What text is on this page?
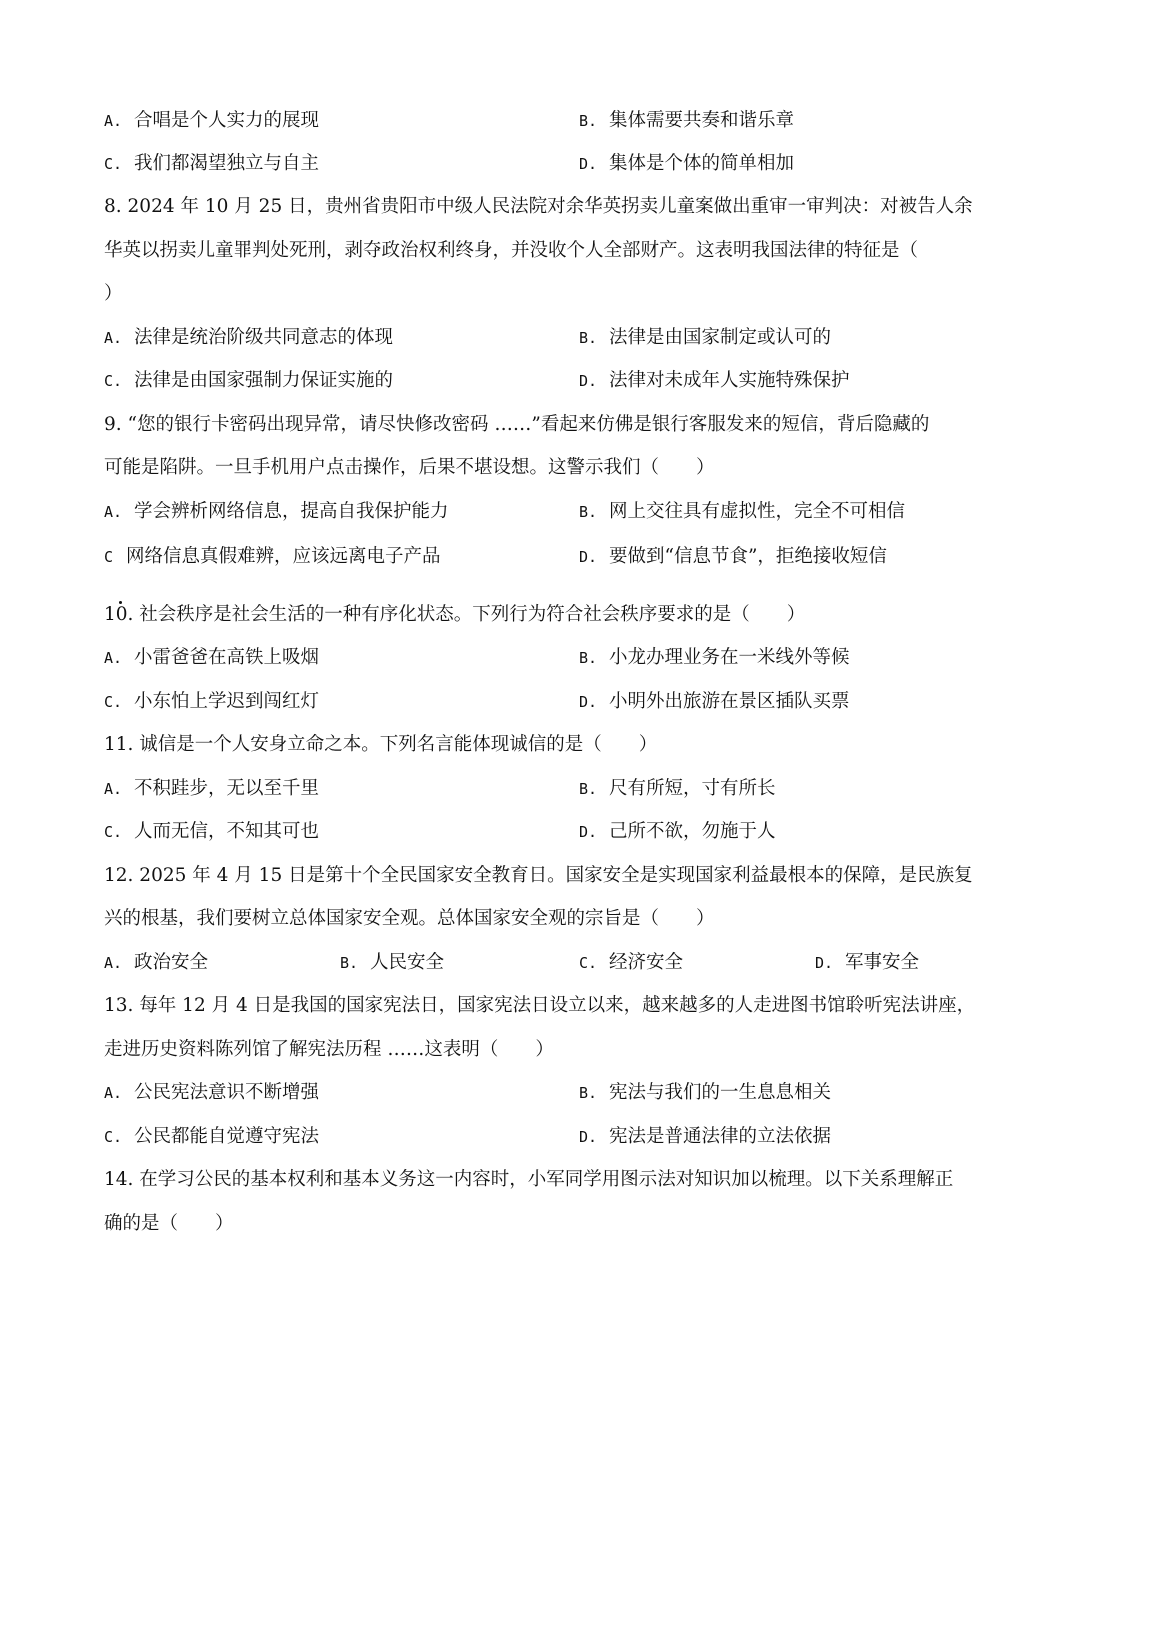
A. 合唱是个人实力的展现	B. 集体需要共奏和谐乐章
C. 我们都渴望独立与自主	D. 集体是个体的简单相加
8. 2024 年 10 月 25 日，贵州省贵阳市中级人民法院对余华英拐卖儿童案做出重审一审判决：对被告人余
华英以拐卖儿童罪判处死刑，剥夺政治权利终身，并没收个人全部财产。这表明我国法律的特征是（
）
A. 法律是统治阶级共同意志的体现	B. 法律是由国家制定或认可的
C. 法律是由国家强制力保证实施的	D. 法律对未成年人实施特殊保护
9. “您的银行卡密码出现异常，请尽快修改密码 ……”看起来仿佛是银行客服发来的短信，背后隐藏的
可能是陷阱。一旦手机用户点击操作，后果不堪设想。这警示我们（　　）
A. 学会辨析网络信息，提高自我保护能力	B. 网上交往具有虚拟性，完全不可相信
C 网络信息真假难辨，应该远离电子产品	D. 要做到“信息节食”，拒绝接收短信
10. 社会秩序是社会生活的一种有序化状态。下列行为符合社会秩序要求的是（　　）
A. 小雷爸爸在高铁上吸烟	B. 小龙办理业务在一米线外等候
C. 小东怕上学迟到闯红灯	D. 小明外出旅游在景区插队买票
11. 诚信是一个人安身立命之本。下列名言能体现诚信的是（　　）
A. 不积跬步，无以至千里	B. 尺有所短，寸有所长
C. 人而无信，不知其可也	D. 己所不欲，勿施于人
12. 2025 年 4 月 15 日是第十个全民国家安全教育日。国家安全是实现国家利益最根本的保障，是民族复
兴的根基，我们要树立总体国家安全观。总体国家安全观的宗旨是（　　）
A. 政治安全	B. 人民安全	C. 经济安全	D. 军事安全
13. 每年 12 月 4 日是我国的国家宪法日，国家宪法日设立以来，越来越多的人走进图书馆聆听宪法讲座，
走进历史资料陈列馆了解宪法历程 ……这表明（　　）
A. 公民宪法意识不断增强	B. 宪法与我们的一生息息相关
C. 公民都能自觉遵守宪法	D. 宪法是普通法律的立法依据
14. 在学习公民的基本权利和基本义务这一内容时，小军同学用图示法对知识加以梳理。以下关系理解正
确的是（　　）
